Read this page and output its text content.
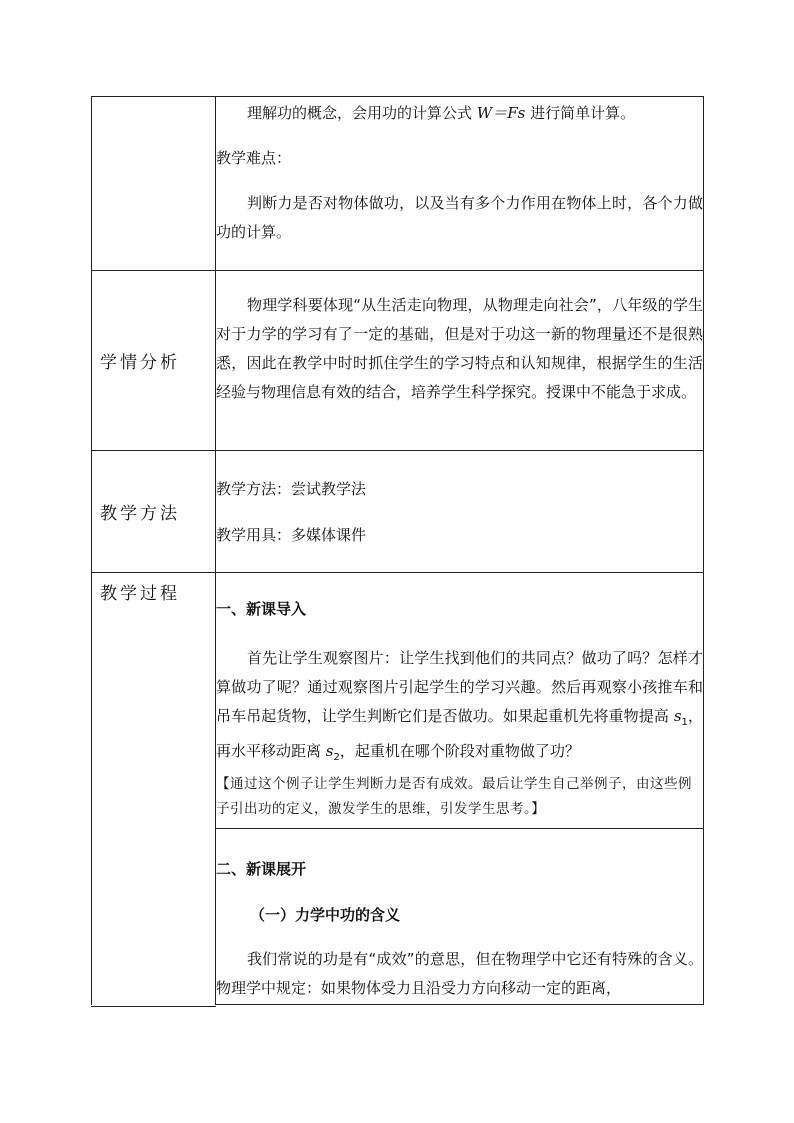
	理解功的概念，会用功的计算公式 W＝Fs 进行简单计算。

教学难点：

判断力是否对物体做功，以及当有多个力作用在物体上时，各个力做功的计算。

学情分析	物理学科要体现“从生活走向物理，从物理走向社会”，八年级的学生对于力学的学习有了一定的基础，但是对于功这一新的物理量还不是很熟悉，因此在教学中时时抓住学生的学习特点和认知规律，根据学生的生活经验与物理信息有效的结合，培养学生科学探究。授课中不能急于求成。

教学方法	教学方法：尝试教学法

教学用具：多媒体课件

教学过程	一、新课导入

首先让学生观察图片：让学生找到他们的共同点？做功了吗？怎样才算做功了呢？通过观察图片引起学生的学习兴趣。然后再观察小孩推车和吊车吊起货物，让学生判断它们是否做功。如果起重机先将重物提高 $s_1$，再水平移动距离 $s_2$，起重机在哪个阶段对重物做了功？

【通过这个例子让学生判断力是否有成效。最后让学生自己举例子，由这些例子引出功的定义，激发学生的思维，引发学生思考。】

	二、新课展开

（一）力学中功的含义

我们常说的功是有“成效”的意思，但在物理学中它还有特殊的含义。物理学中规定：如果物体受力且沿受力方向移动一定的距离，
